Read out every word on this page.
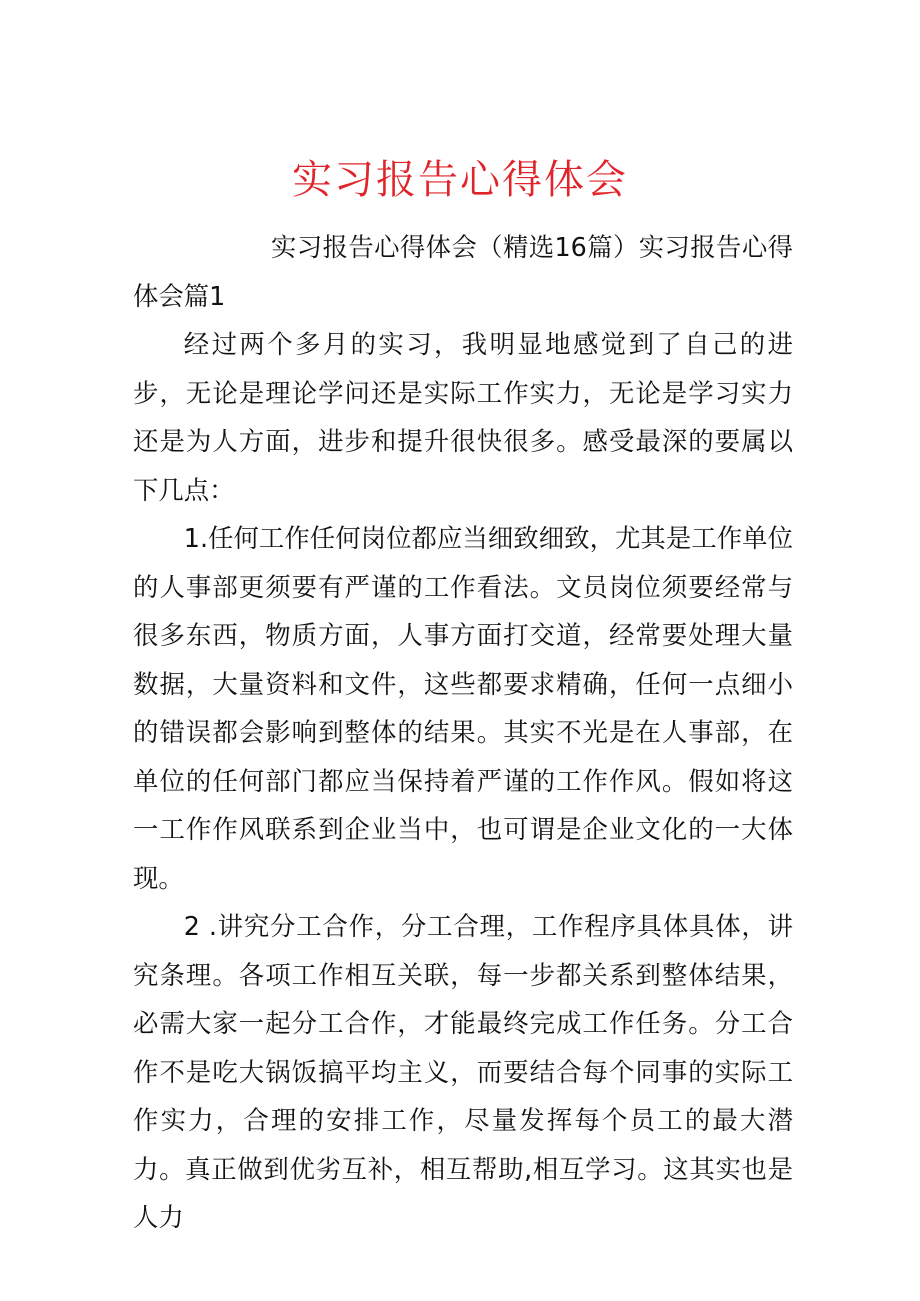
实习报告心得体会

实习报告心得体会（精选16篇）实习报告心得体会篇1

经过两个多月的实习，我明显地感觉到了自己的进步，无论是理论学问还是实际工作实力，无论是学习实力还是为人方面，进步和提升很快很多。感受最深的要属以下几点：

1.任何工作任何岗位都应当细致细致，尤其是工作单位的人事部更须要有严谨的工作看法。文员岗位须要经常与很多东西，物质方面，人事方面打交道，经常要处理大量数据，大量资料和文件，这些都要求精确，任何一点细小的错误都会影响到整体的结果。其实不光是在人事部，在单位的任何部门都应当保持着严谨的工作作风。假如将这一工作作风联系到企业当中，也可谓是企业文化的一大体现。

2 .讲究分工合作，分工合理，工作程序具体具体，讲究条理。各项工作相互关联，每一步都关系到整体结果，必需大家一起分工合作，才能最终完成工作任务。分工合作不是吃大锅饭搞平均主义，而要结合每个同事的实际工作实力，合理的安排工作，尽量发挥每个员工的最大潜力。真正做到优劣互补，相互帮助,相互学习。这其实也是人力
